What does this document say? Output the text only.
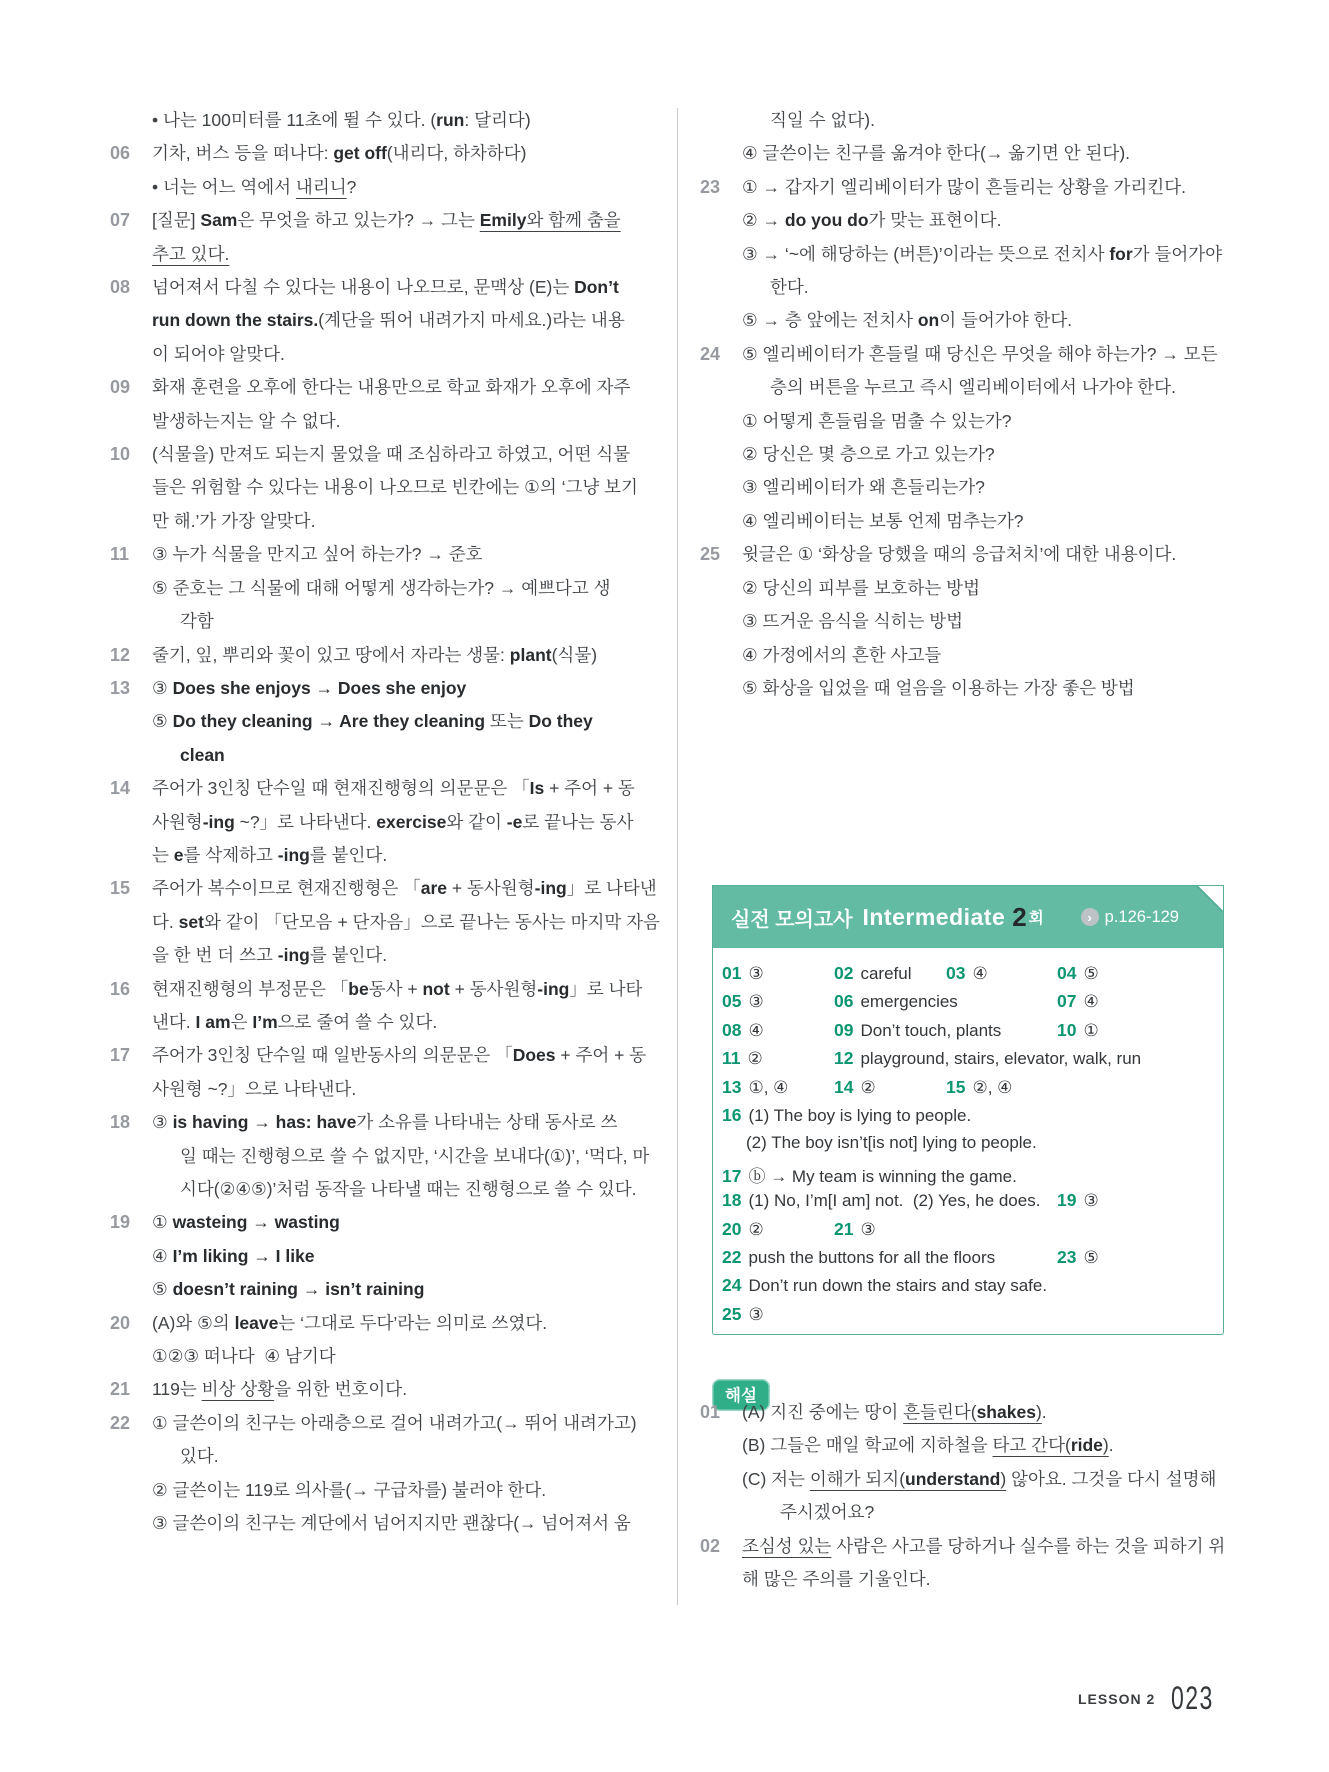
• 나는 100미터를 11초에 뛸 수 있다. (run: 달리다)
06	기차, 버스 등을 떠나다: get off(내리다, 하차하다)
• 너는 어느 역에서 내리니?
07	[질문] Sam은 무엇을 하고 있는가? → 그는 Emily와 함께 춤을
추고 있다.
08	넘어져서 다칠 수 있다는 내용이 나오므로, 문맥상 (E)는 Don’t
run down the stairs.(계단을 뛰어 내려가지 마세요.)라는 내용
이 되어야 알맞다.
09	화재 훈련을 오후에 한다는 내용만으로 학교 화재가 오후에 자주
발생하는지는 알 수 없다.
10	(식물을) 만져도 되는지 물었을 때 조심하라고 하였고, 어떤 식물
들은 위험할 수 있다는 내용이 나오므로 빈칸에는 ①의 ‘그냥 보기
만 해.’가 가장 알맞다.
11	③ 누가 식물을 만지고 싶어 하는가? → 준호
⑤ 준호는 그 식물에 대해 어떻게 생각하는가? → 예쁘다고 생
각함
12	줄기, 잎, 뿌리와 꽃이 있고 땅에서 자라는 생물: plant(식물)
13	③ Does she enjoys → Does she enjoy
⑤ Do they cleaning → Are they cleaning 또는 Do they
clean
14	주어가 3인칭 단수일 때 현재진행형의 의문문은 「Is + 주어 + 동
사원형-ing ~?」로 나타낸다. exercise와 같이 -e로 끝나는 동사
는 e를 삭제하고 -ing를 붙인다.
15	주어가 복수이므로 현재진행형은 「are + 동사원형-ing」로 나타낸
다. set와 같이 「단모음 + 단자음」으로 끝나는 동사는 마지막 자음
을 한 번 더 쓰고 -ing를 붙인다.
16	현재진행형의 부정문은 「be동사 + not + 동사원형-ing」로 나타
낸다. I am은 I’m으로 줄여 쓸 수 있다.
17	주어가 3인칭 단수일 때 일반동사의 의문문은 「Does + 주어 + 동
사원형 ~?」으로 나타낸다.
18	③ is having → has: have가 소유를 나타내는 상태 동사로 쓰
일 때는 진행형으로 쓸 수 없지만, ‘시간을 보내다(①)’, ‘먹다, 마
시다(②④⑤)’처럼 동작을 나타낼 때는 진행형으로 쓸 수 있다.
19	① wasteing → wasting
④ I’m liking → I like
⑤ doesn’t raining → isn’t raining
20	(A)와 ⑤의 leave는 ‘그대로 두다’라는 의미로 쓰였다.
①②③ 떠나다  ④ 남기다
21	119는 비상 상황을 위한 번호이다.
22	① 글쓴이의 친구는 아래층으로 걸어 내려가고(→ 뛰어 내려가고)
있다.
② 글쓴이는 119로 의사를(→ 구급차를) 불러야 한다.
③ 글쓴이의 친구는 계단에서 넘어지지만 괜찮다(→ 넘어져서 움
직일 수 없다).
④ 글쓴이는 친구를 옮겨야 한다(→ 옮기면 안 된다).
23	① → 갑자기 엘리베이터가 많이 흔들리는 상황을 가리킨다.
② → do you do가 맞는 표현이다.
③ → ‘~에 해당하는 (버튼)’이라는 뜻으로 전치사 for가 들어가야
한다.
⑤ → 층 앞에는 전치사 on이 들어가야 한다.
24	⑤ 엘리베이터가 흔들릴 때 당신은 무엇을 해야 하는가? → 모든
층의 버튼을 누르고 즉시 엘리베이터에서 나가야 한다.
① 어떻게 흔들림을 멈출 수 있는가?
② 당신은 몇 층으로 가고 있는가?
③ 엘리베이터가 왜 흔들리는가?
④ 엘리베이터는 보통 언제 멈추는가?
25	윗글은 ① ‘화상을 당했을 때의 응급처치’에 대한 내용이다.
② 당신의 피부를 보호하는 방법
③ 뜨거운 음식을 식히는 방법
④ 가정에서의 흔한 사고들
⑤ 화상을 입었을 때 얼음을 이용하는 가장 좋은 방법
실전 모의고사 Intermediate 2 회	› p.126-129
01 ③	02 careful 03 ④	04 ⑤
05 ③	06 emergencies	07 ④
08 ④	09 Don’t touch, plants	10 ①
11 ②	12 playground, stairs, elevator, walk, run
13 ①, ④	14 ②	15 ②, ④
16 (1) The boy is lying to people.
(2) The boy isn’t[is not] lying to people.
17 ⓑ → My team is winning the game.
18 (1) No, I’m[I am] not.  (2) Yes, he does. 19 ③
20 ②	21 ③
22 push the buttons for all the floors	23 ⑤
24 Don’t run down the stairs and stay safe.
25 ③
해설
01	(A) 지진 중에는 땅이 흔들린다(shakes).
(B) 그들은 매일 학교에 지하철을 타고 간다(ride).
(C) 저는 이해가 되지(understand) 않아요. 그것을 다시 설명해
주시겠어요?
02	조심성 있는 사람은 사고를 당하거나 실수를 하는 것을 피하기 위
해 많은 주의를 기울인다.
LESSON 2 023
